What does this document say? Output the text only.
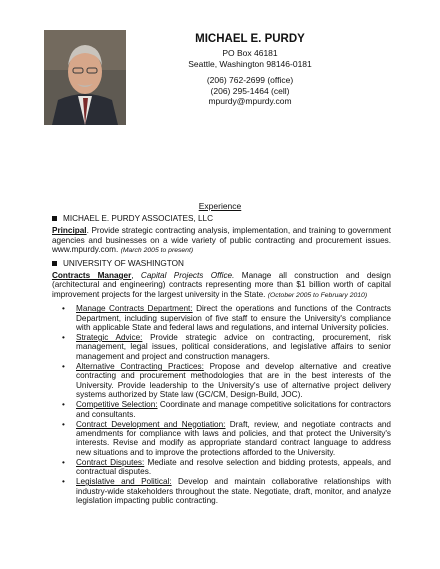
MICHAEL E. PURDY
PO Box 46181
Seattle, Washington 98146-0181
(206) 762-2699 (office)
(206) 295-1464 (cell)
mpurdy@mpurdy.com
Experience
MICHAEL E. PURDY ASSOCIATES, LLC
Principal. Provide strategic contracting analysis, implementation, and training to government agencies and businesses on a wide variety of public contracting and procurement issues. www.mpurdy.com. (March 2005 to present)
UNIVERSITY OF WASHINGTON
Contracts Manager, Capital Projects Office. Manage all construction and design (architectural and engineering) contracts representing more than $1 billion worth of capital improvement projects for the largest university in the State. (October 2005 to February 2010)
• Manage Contracts Department: Direct the operations and functions of the Contracts Department, including supervision of five staff to ensure the University's compliance with applicable State and federal laws and regulations, and internal University policies.
• Strategic Advice: Provide strategic advice on contracting, procurement, risk management, legal issues, political considerations, and legislative affairs to senior management and project and construction managers.
• Alternative Contracting Practices: Propose and develop alternative and creative contracting and procurement methodologies that are in the best interests of the University. Provide leadership to the University's use of alternative project delivery systems authorized by State law (GC/CM, Design-Build, JOC).
• Competitive Selection: Coordinate and manage competitive solicitations for contractors and consultants.
• Contract Development and Negotiation: Draft, review, and negotiate contracts and amendments for compliance with laws and policies, and that protect the University's interests. Revise and modify as appropriate standard contract language to address new situations and to improve the protections afforded to the University.
• Contract Disputes: Mediate and resolve selection and bidding protests, appeals, and contractual disputes.
• Legislative and Political: Develop and maintain collaborative relationships with industry-wide stakeholders throughout the state. Negotiate, draft, monitor, and analyze legislation impacting public contracting.
